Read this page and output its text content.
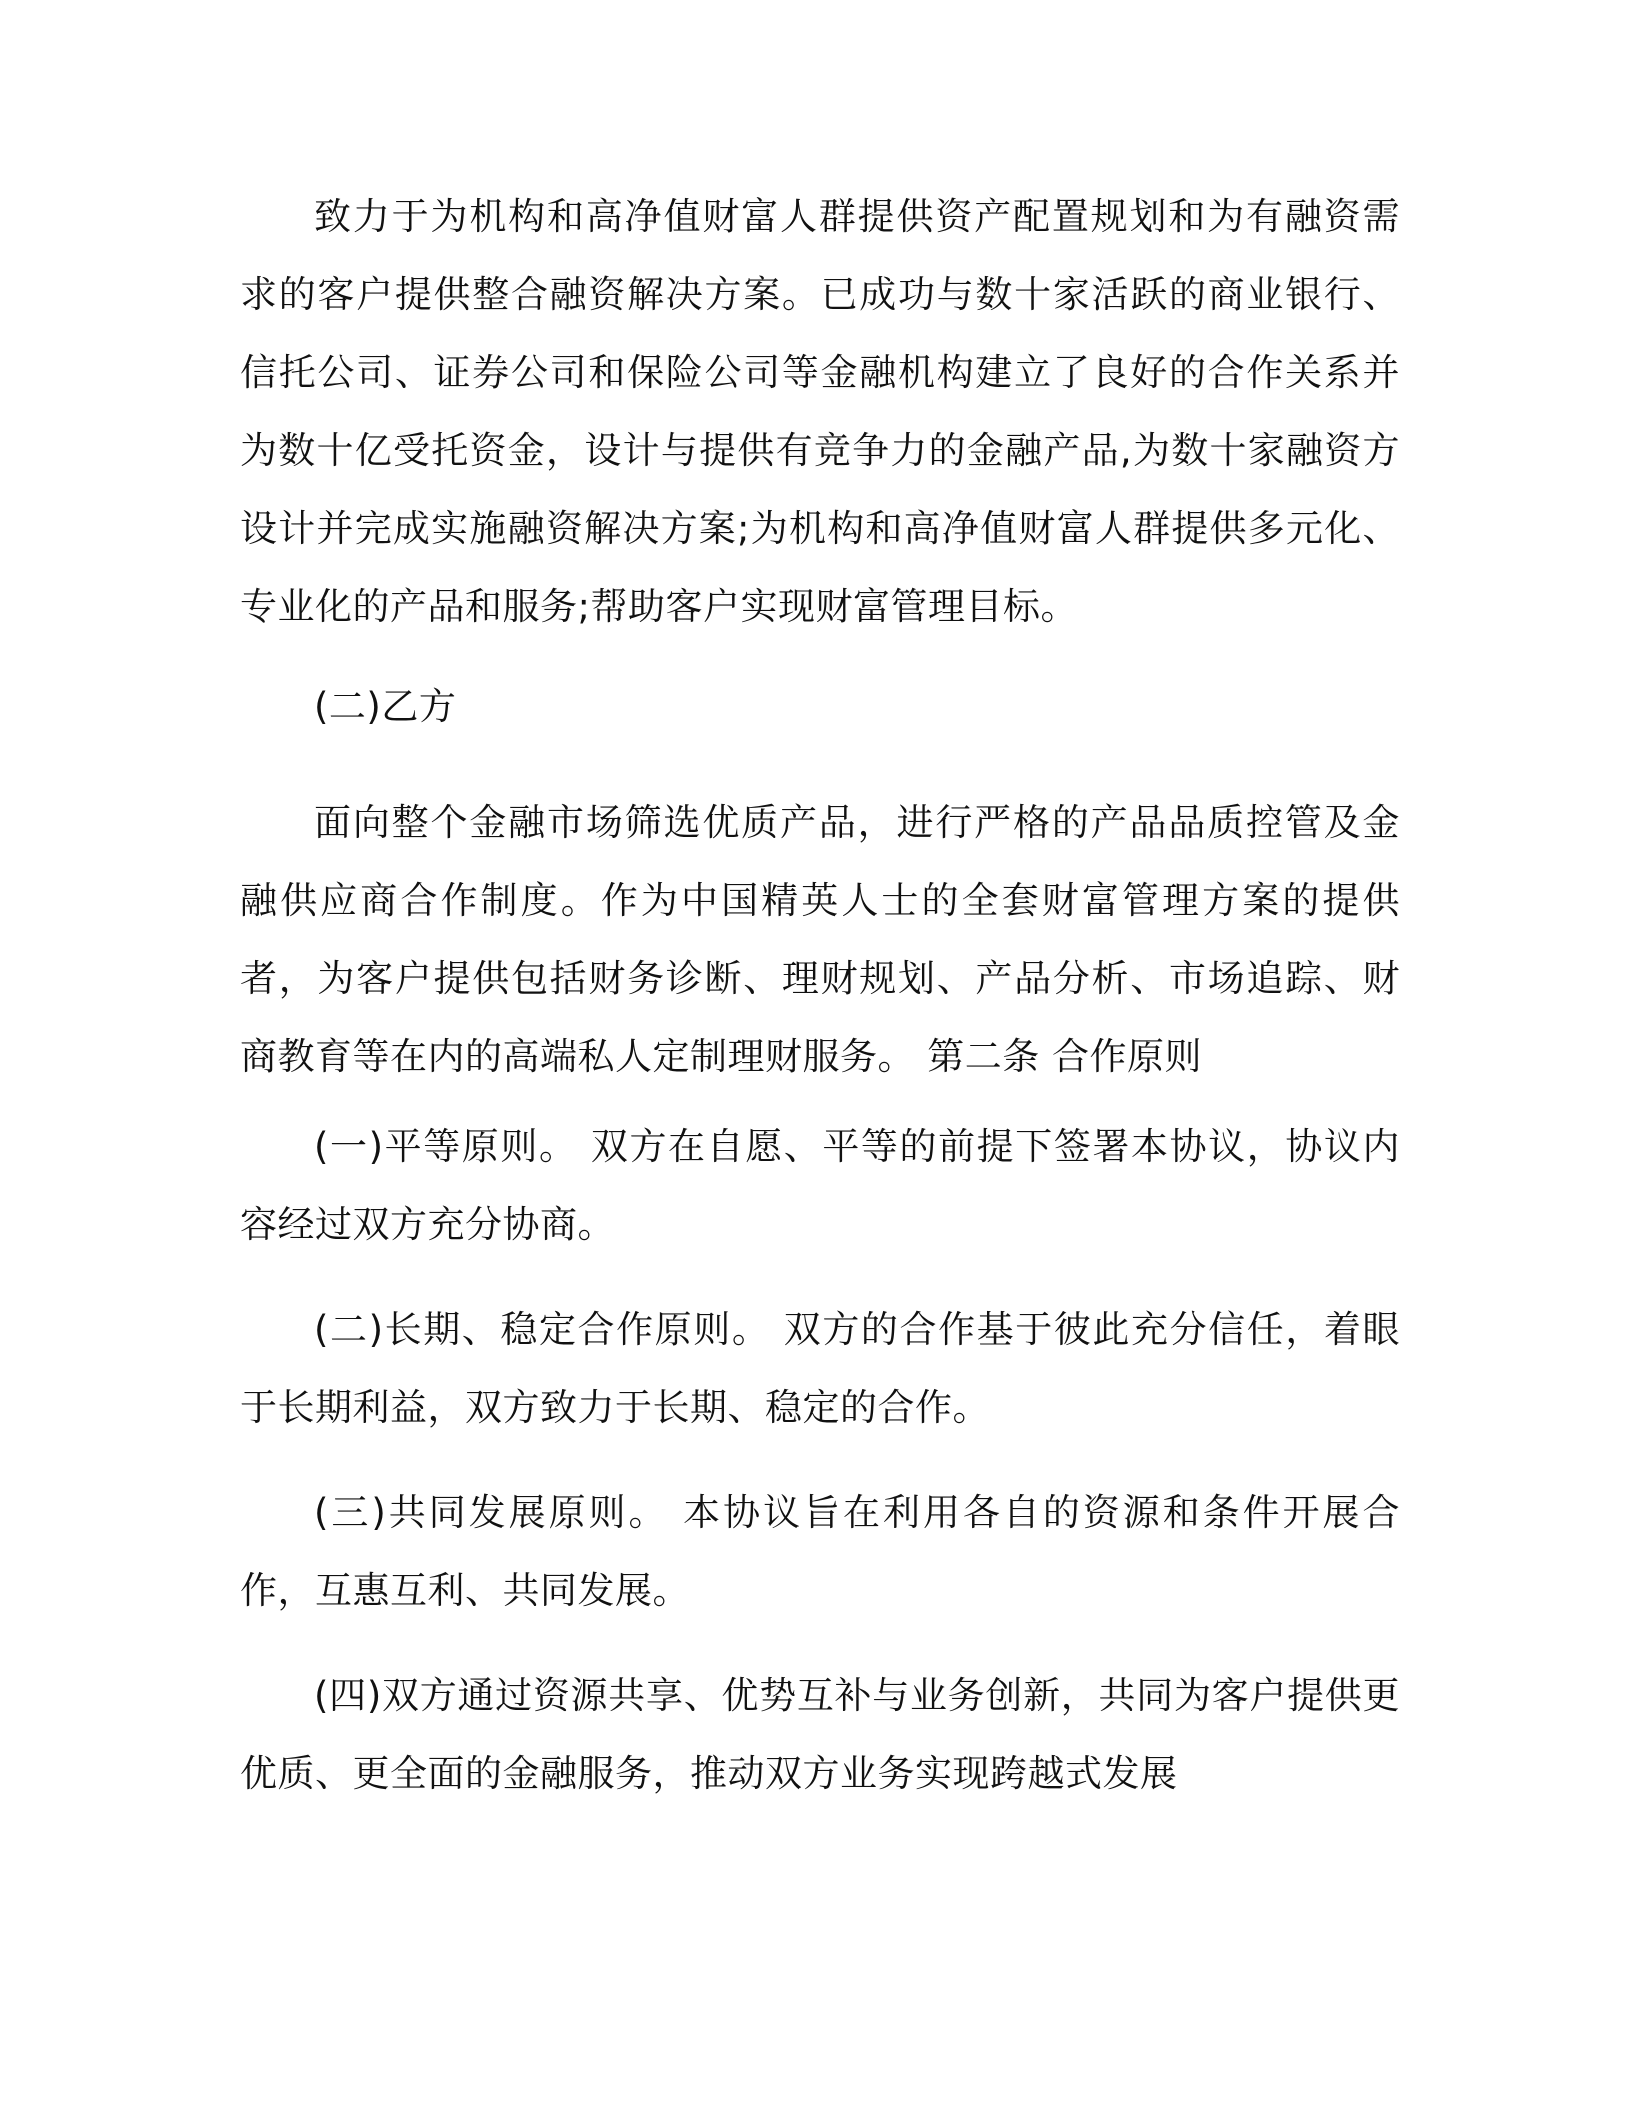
致力于为机构和高净值财富人群提供资产配置规划和为有融资需求的客户提供整合融资解决方案。已成功与数十家活跃的商业银行、信托公司、证券公司和保险公司等金融机构建立了良好的合作关系并为数十亿受托资金，设计与提供有竞争力的金融产品,为数十家融资方设计并完成实施融资解决方案;为机构和高净值财富人群提供多元化、专业化的产品和服务;帮助客户实现财富管理目标。

(二)乙方

面向整个金融市场筛选优质产品，进行严格的产品品质控管及金融供应商合作制度。作为中国精英人士的全套财富管理方案的提供者，为客户提供包括财务诊断、理财规划、产品分析、市场追踪、财商教育等在内的高端私人定制理财服务。 第二条 合作原则

(一)平等原则。 双方在自愿、平等的前提下签署本协议，协议内容经过双方充分协商。

(二)长期、稳定合作原则。 双方的合作基于彼此充分信任，着眼于长期利益，双方致力于长期、稳定的合作。

(三)共同发展原则。 本协议旨在利用各自的资源和条件开展合作，互惠互利、共同发展。

(四)双方通过资源共享、优势互补与业务创新，共同为客户提供更优质、更全面的金融服务，推动双方业务实现跨越式发展
